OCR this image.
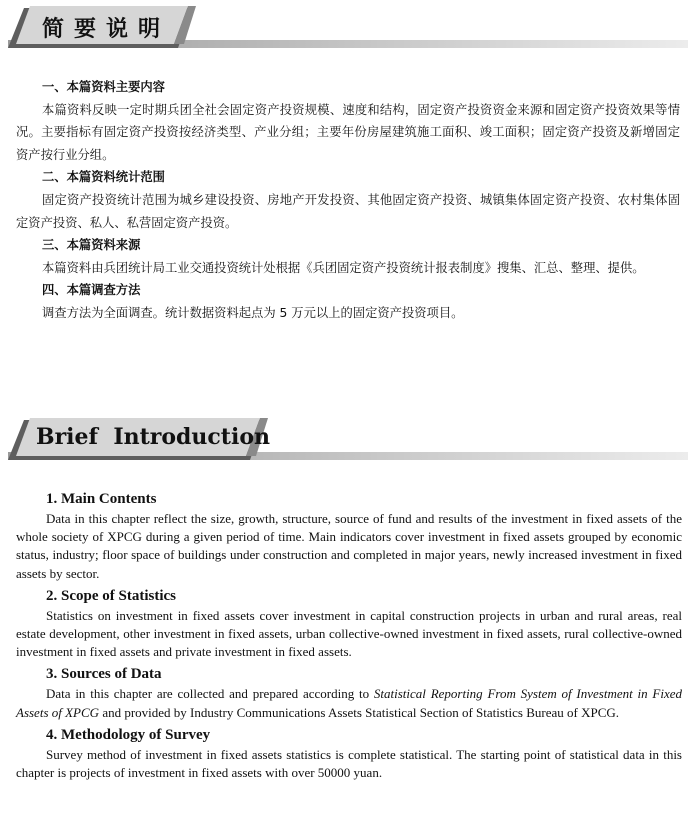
简要说明
一、本篇资料主要内容

本篇资料反映一定时期兵团全社会固定资产投资规模、速度和结构，固定资产投资资金来源和固定资产投资效果等情况。主要指标有固定资产投资按经济类型、产业分组；主要年份房屋建筑施工面积、竣工面积；固定资产投资及新增固定资产按行业分组。

二、本篇资料统计范围

固定资产投资统计范围为城乡建设投资、房地产开发投资、其他固定资产投资、城镇集体固定资产投资、农村集体固定资产投资、私人、私营固定资产投资。

三、本篇资料来源

本篇资料由兵团统计局工业交通投资统计处根据《兵团固定资产投资统计报表制度》搜集、汇总、整理、提供。

四、本篇调查方法

调查方法为全面调查。统计数据资料起点为 5 万元以上的固定资产投资项目。

Brief  Introduction
1. Main Contents

Data in this chapter reflect the size, growth, structure, source of fund and results of the investment in fixed assets of the whole society of XPCG during a given period of time. Main indicators cover investment in fixed assets grouped by economic status, industry; floor space of buildings under construction and completed in major years, newly increased investment in fixed assets by sector.

2. Scope of Statistics

Statistics on investment in fixed assets cover investment in capital construction projects in urban and rural areas, real estate development, other investment in fixed assets, urban collective-owned investment in fixed assets, rural collective-owned investment in fixed assets and private investment in fixed assets.

3. Sources of Data

Data in this chapter are collected and prepared according to Statistical Reporting From System of Investment in Fixed Assets of XPCG and provided by Industry Communications Assets Statistical Section of Statistics Bureau of XPCG.

4. Methodology of Survey

Survey method of investment in fixed assets statistics is complete statistical. The starting point of statistical data in this chapter is projects of investment in fixed assets with over 50000 yuan.
